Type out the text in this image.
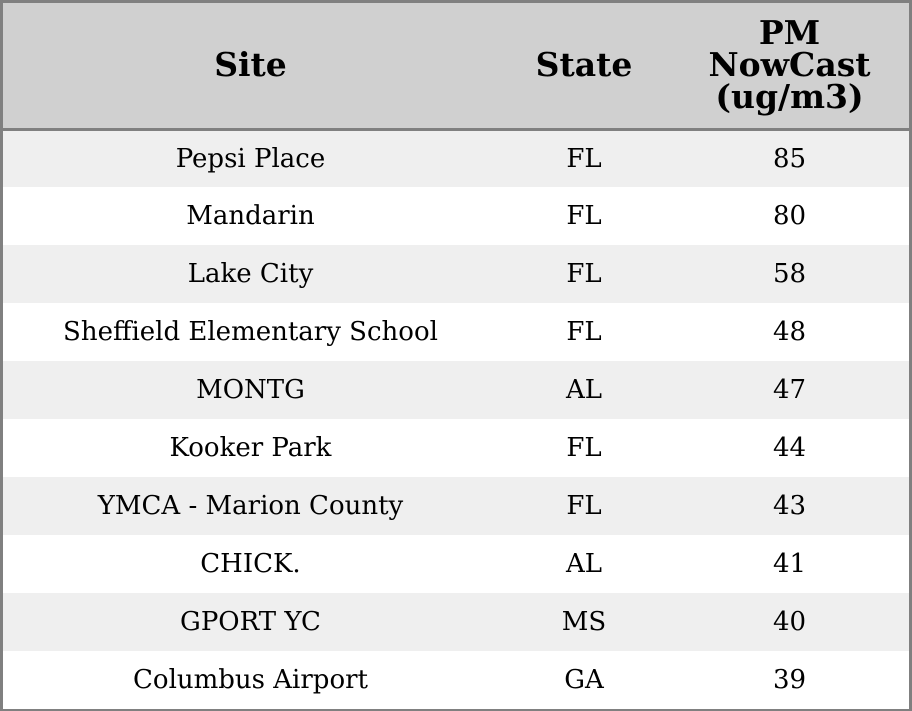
Site	State	PM
NowCast
(ug/m3)

Pepsi Place	FL	85
Mandarin	FL	80
Lake City	FL	58
Sheffield Elementary School	FL	48
MONTG	AL	47
Kooker Park	FL	44
YMCA - Marion County	FL	43
CHICK.	AL	41
GPORT YC	MS	40
Columbus Airport	GA	39
